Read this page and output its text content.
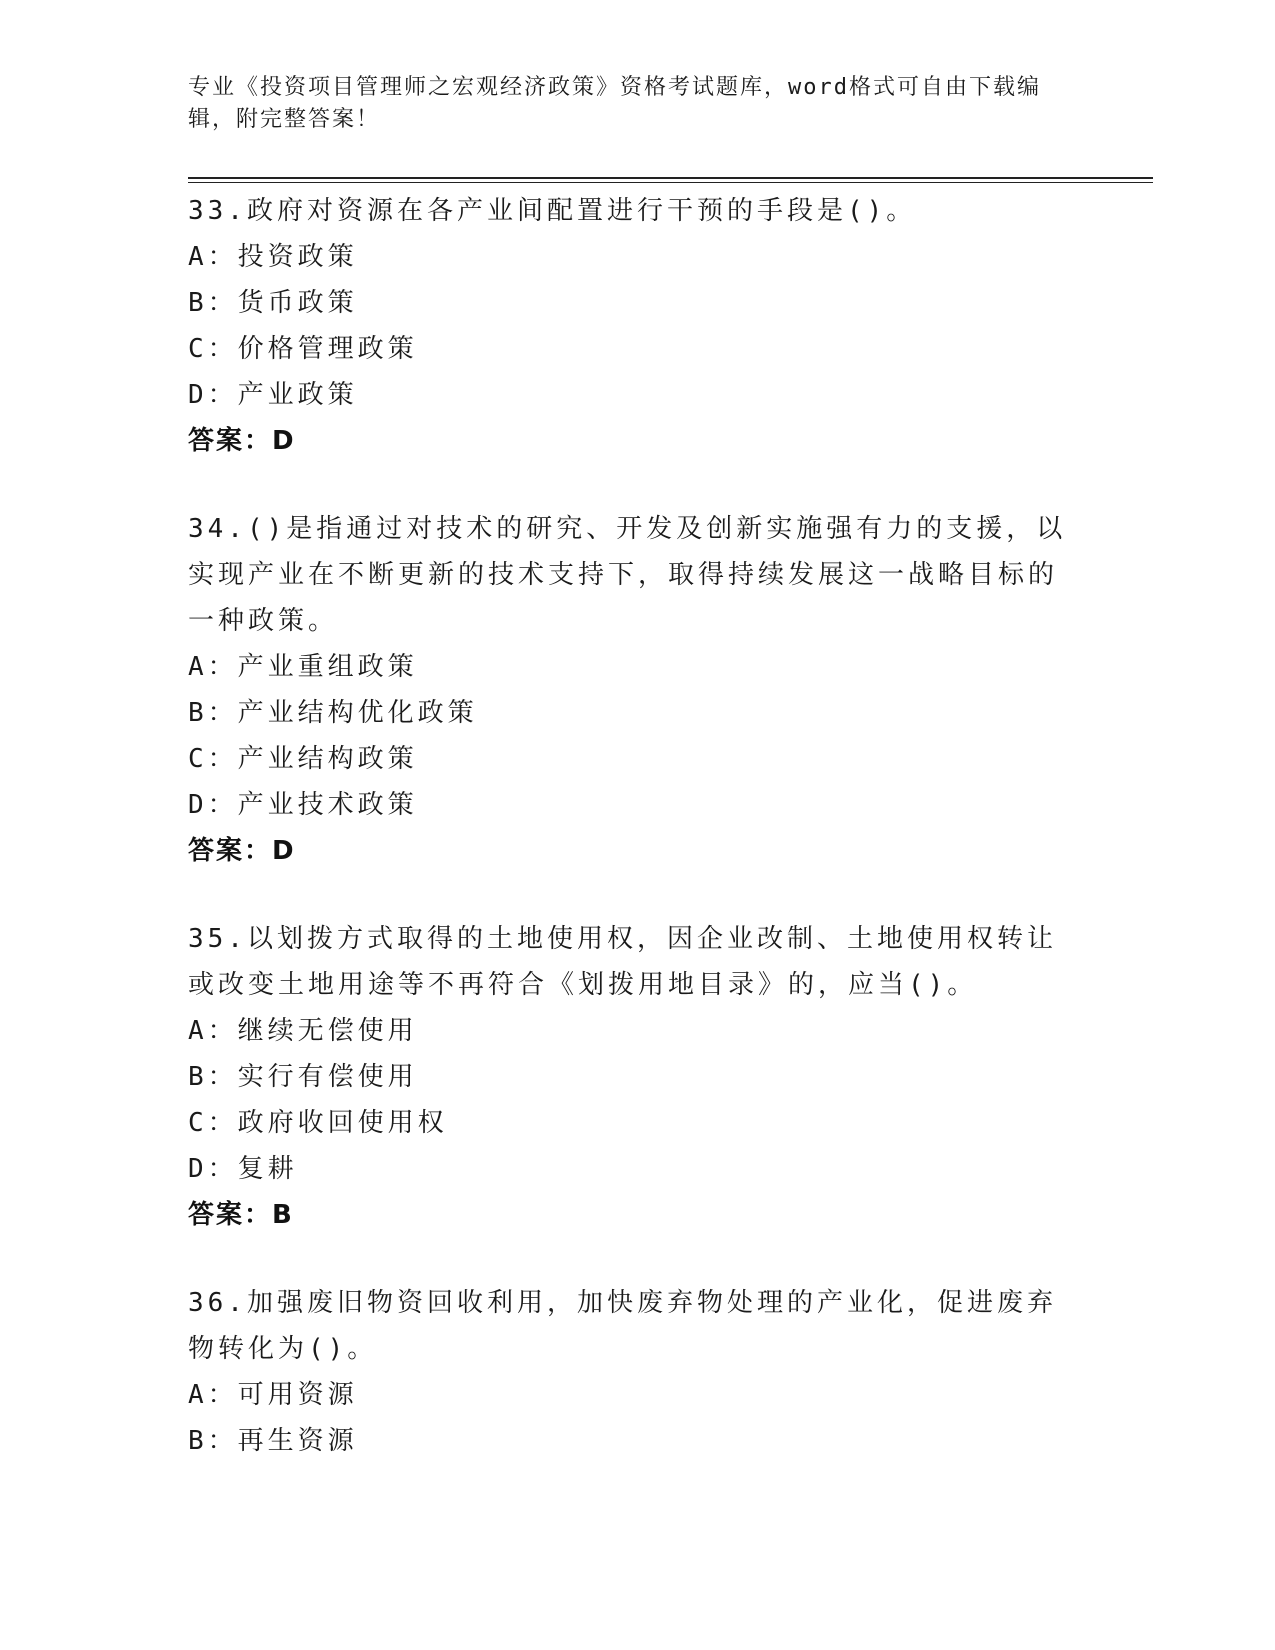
专业《投资项目管理师之宏观经济政策》资格考试题库，word格式可自由下载编
辑，附完整答案！
33.政府对资源在各产业间配置进行干预的手段是()。
A：投资政策
B：货币政策
C：价格管理政策
D：产业政策
答案：D
34.()是指通过对技术的研究、开发及创新实施强有力的支援，以实现产业在不断更新的技术支持下，取得持续发展这一战略目标的一种政策。
A：产业重组政策
B：产业结构优化政策
C：产业结构政策
D：产业技术政策
答案：D
35.以划拨方式取得的土地使用权，因企业改制、土地使用权转让或改变土地用途等不再符合《划拨用地目录》的，应当()。
A：继续无偿使用
B：实行有偿使用
C：政府收回使用权
D：复耕
答案：B
36.加强废旧物资回收利用，加快废弃物处理的产业化，促进废弃物转化为()。
A：可用资源
B：再生资源
